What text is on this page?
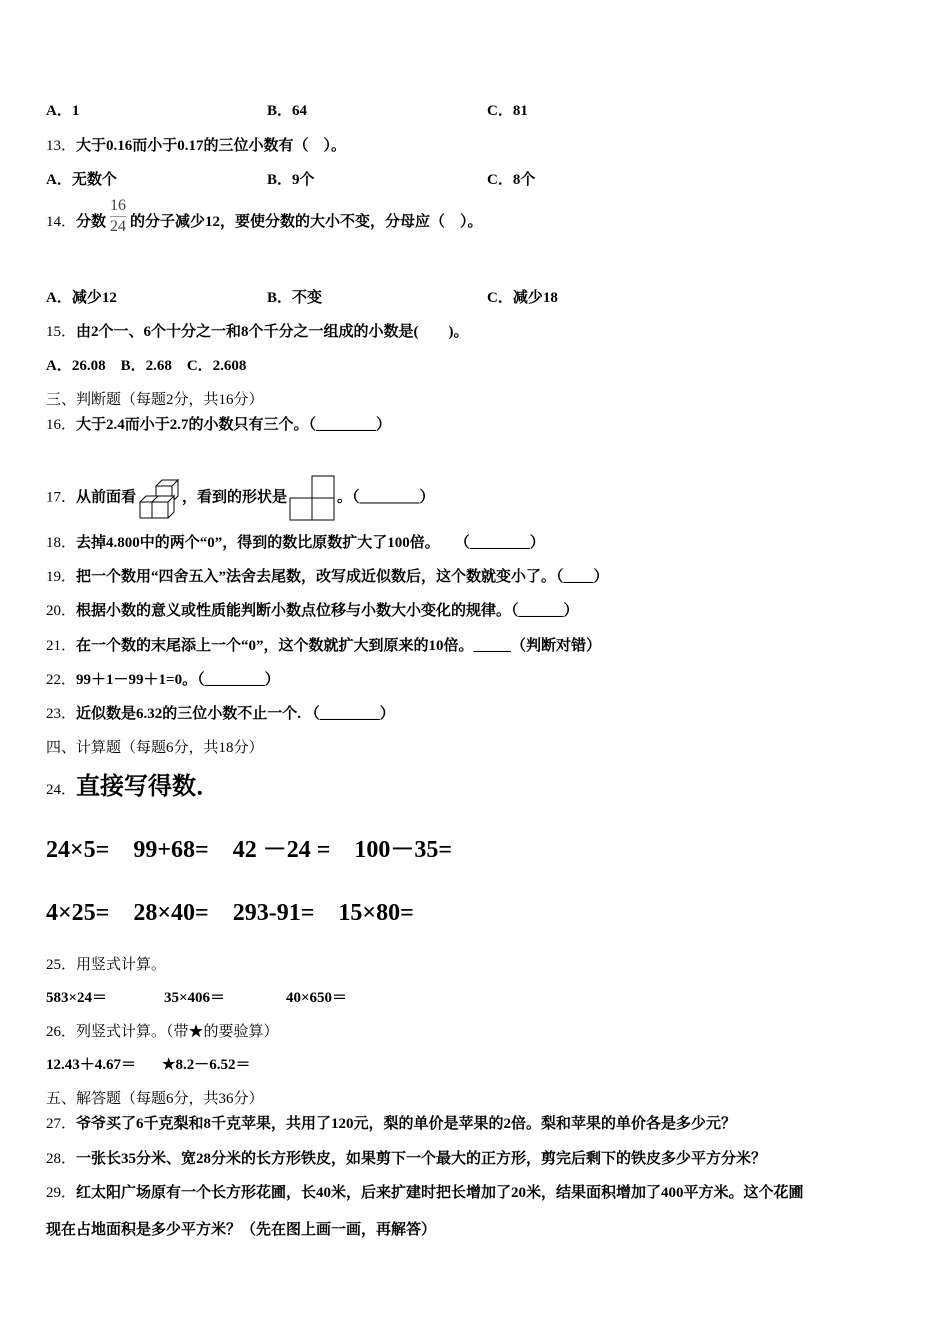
A．1	B．64	C．81
13．大于0.16而小于0.17的三位小数有（　）。
A．无数个	B．9个	C．8个
14．分数 $\frac{16}{24}$ 的分子减少12，要使分数的大小不变，分母应（　）。
A．减少12	B．不变	C．减少18
15．由2个一、6个十分之一和8个千分之一组成的小数是(　　)。
A．26.08　B．2.68　C．2.608
三、判断题（每题2分，共16分）
16．大于2.4而小于2.7的小数只有三个。（________）
17．从前面看	，看到的形状是	。（________）
18．去掉4.800中的两个“0”，得到的数比原数扩大了100倍。　　（________）
19．把一个数用“四舍五入”法舍去尾数，改写成近似数后，这个数就变小了。（____）
20．根据小数的意义或性质能判断小数点位移与小数大小变化的规律。（______）
21．在一个数的末尾添上一个“0”，这个数就扩大到原来的10倍。_____（判断对错）
22．99＋1－99＋1=0。（________）
23．近似数是6.32的三位小数不止一个. （________）
四、计算题（每题6分，共18分）
24．直接写得数．
24×5=　 99+68=　 42 －24 =　 100－35=
4×25=　 28×40=　 293-91=　 15×80=
25．用竖式计算。
583×24＝	35×406＝	40×650＝
26．列竖式计算。（带★的要验算）
12.43＋4.67＝ ★8.2－6.52＝
五、解答题（每题6分，共36分）
27．爷爷买了6千克梨和8千克苹果，共用了120元，梨的单价是苹果的2倍。梨和苹果的单价各是多少元？
28．一张长35分米、宽28分米的长方形铁皮，如果剪下一个最大的正方形，剪完后剩下的铁皮多少平方分米？
29．红太阳广场原有一个长方形花圃，长40米，后来扩建时把长增加了20米，结果面积增加了400平方米。这个花圃
现在占地面积是多少平方米？（先在图上画一画，再解答）
